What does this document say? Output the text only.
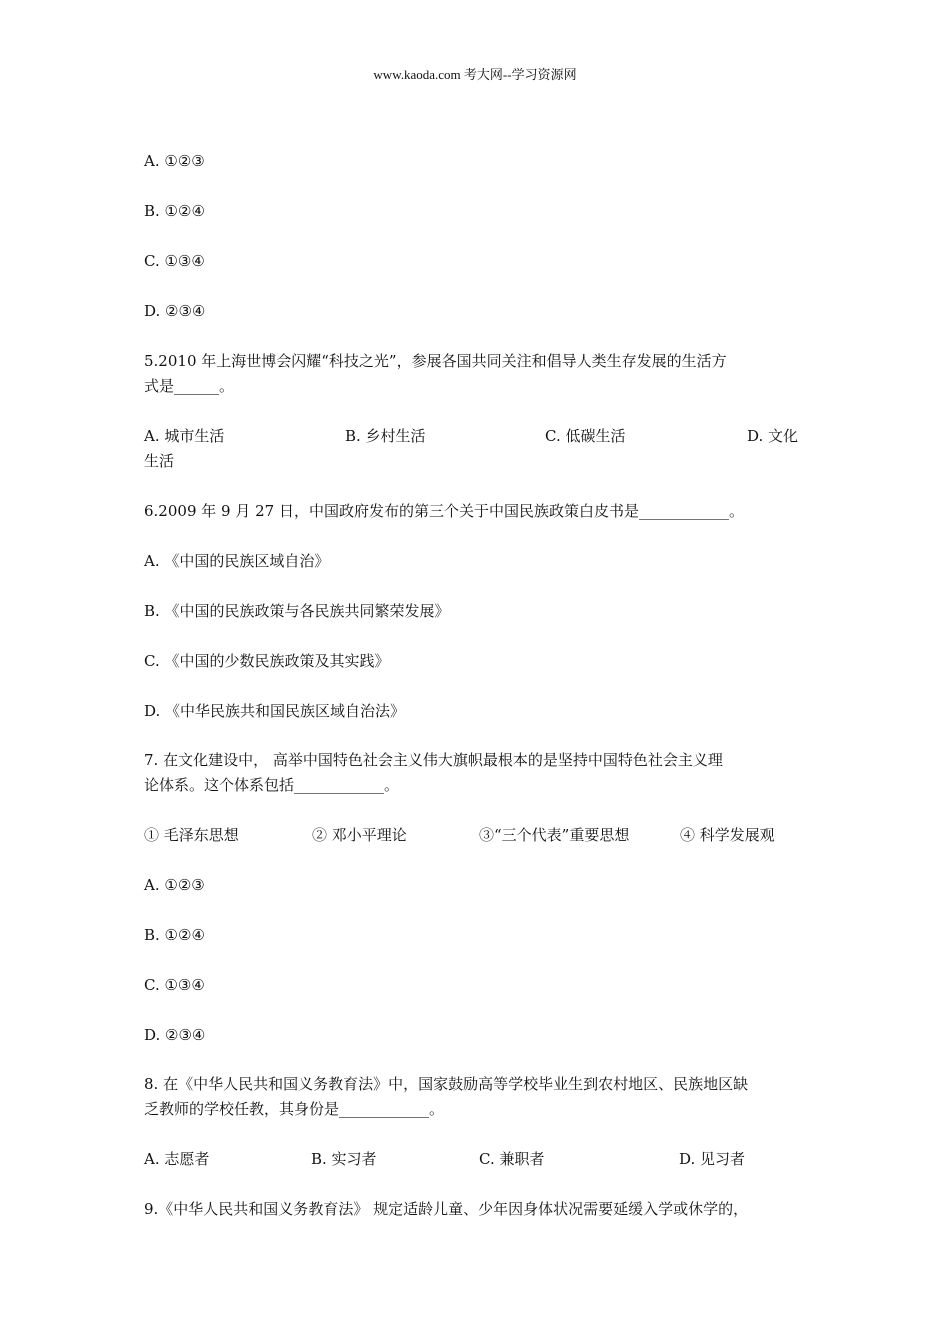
www.kaoda.com 考大网--学习资源网
A. ①②③
B. ①②④
C. ①③④
D. ②③④
5.2010 年上海世博会闪耀“科技之光”，参展各国共同关注和倡导人类生存发展的生活方
式是______。
A. 城市生活	B. 乡村生活	C. 低碳生活	D. 文化
生活
6.2009 年 9 月 27 日，中国政府发布的第三个关于中国民族政策白皮书是____________。
A. 《中国的民族区域自治》
B. 《中国的民族政策与各民族共同繁荣发展》
C. 《中国的少数民族政策及其实践》
D. 《中华民族共和国民族区域自治法》
7. 在文化建设中， 高举中国特色社会主义伟大旗帜最根本的是坚持中国特色社会主义理
论体系。这个体系包括____________。
① 毛泽东思想	② 邓小平理论	③“三个代表”重要思想	④ 科学发展观
A. ①②③
B. ①②④
C. ①③④
D. ②③④
8. 在《中华人民共和国义务教育法》中，国家鼓励高等学校毕业生到农村地区、民族地区缺
乏教师的学校任教，其身份是____________。
A. 志愿者	B. 实习者	C. 兼职者	D. 见习者
9.《中华人民共和国义务教育法》 规定适龄儿童、少年因身体状况需要延缓入学或休学的，
